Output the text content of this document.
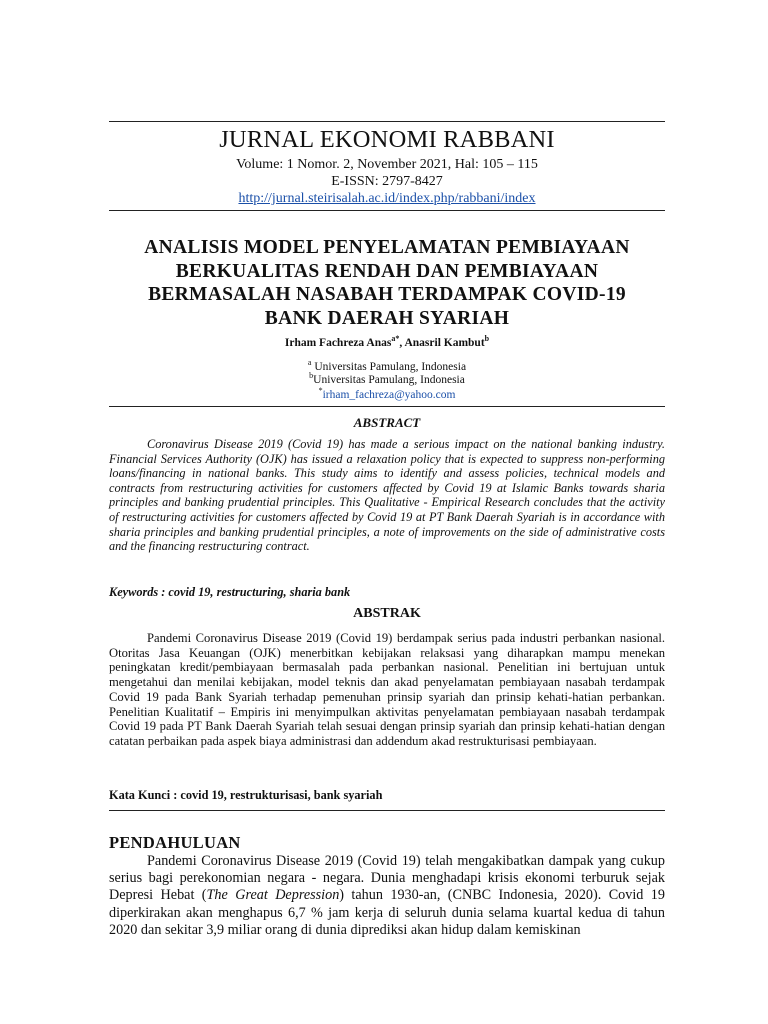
JURNAL EKONOMI RABBANI
Volume: 1 Nomor. 2, November 2021, Hal: 105 – 115
E-ISSN: 2797-8427
http://jurnal.steirisalah.ac.id/index.php/rabbani/index
ANALISIS MODEL PENYELAMATAN PEMBIAYAAN
BERKUALITAS RENDAH DAN PEMBIAYAAN
BERMASALAH NASABAH TERDAMPAK COVID-19
BANK DAERAH SYARIAH
Irham Fachreza Anas$^{a*}$, Anasril Kambut$^b$
$^a$ Universitas Pamulang, Indonesia
$^b$Universitas Pamulang, Indonesia
*irham_fachreza@yahoo.com
ABSTRACT
Coronavirus Disease 2019 (Covid 19) has made a serious impact on the national banking industry. Financial Services Authority (OJK) has issued a relaxation policy that is expected to suppress non-performing loans/financing in national banks. This study aims to identify and assess policies, technical models and contracts from restructuring activities for customers affected by Covid 19 at Islamic Banks towards sharia principles and banking prudential principles. This Qualitative - Empirical Research concludes that the activity of restructuring activities for customers affected by Covid 19 at PT Bank Daerah Syariah is in accordance with sharia principles and banking prudential principles, a note of improvements on the side of administrative costs and the financing restructuring contract.
Keywords : covid 19, restructuring, sharia bank
ABSTRAK
Pandemi Coronavirus Disease 2019 (Covid 19) berdampak serius pada industri perbankan nasional. Otoritas Jasa Keuangan (OJK) menerbitkan kebijakan relaksasi yang diharapkan mampu menekan peningkatan kredit/pembiayaan bermasalah pada perbankan nasional. Penelitian ini bertujuan untuk mengetahui dan menilai kebijakan, model teknis dan akad penyelamatan pembiayaan nasabah terdampak Covid 19 pada Bank Syariah terhadap pemenuhan prinsip syariah dan prinsip kehati-hatian perbankan. Penelitian Kualitatif – Empiris ini menyimpulkan aktivitas penyelamatan pembiayaan nasabah terdampak Covid 19 pada PT Bank Daerah Syariah telah sesuai dengan prinsip syariah dan prinsip kehati-hatian dengan catatan perbaikan pada aspek biaya administrasi dan addendum akad restrukturisasi pembiayaan.
Kata Kunci : covid 19, restrukturisasi, bank syariah
PENDAHULUAN
Pandemi Coronavirus Disease 2019 (Covid 19) telah mengakibatkan dampak yang cukup serius bagi perekonomian negara - negara. Dunia menghadapi krisis ekonomi terburuk sejak Depresi Hebat (The Great Depression) tahun 1930-an, (CNBC Indonesia, 2020). Covid 19 diperkirakan akan menghapus 6,7 % jam kerja di seluruh dunia selama kuartal kedua di tahun 2020 dan sekitar 3,9 miliar orang di dunia diprediksi akan hidup dalam kemiskinan
